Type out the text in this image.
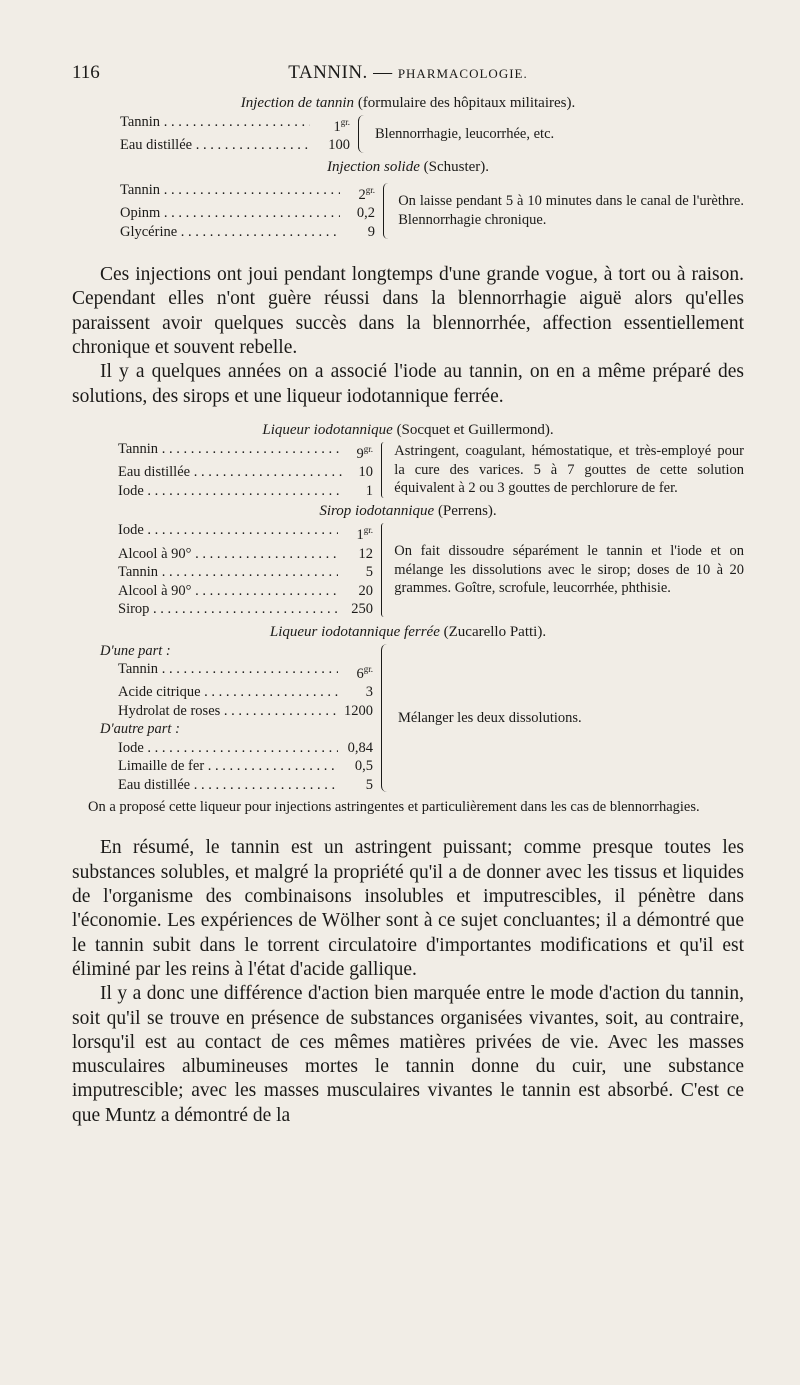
116	TANNIN. — PHARMACOLOGIE.
Injection de tannin (formulaire des hôpitaux militaires).
Tannin . . .	$1^{gr.}$
Eau distillée . . .	100
Blennorrhagie, leucorrhée, etc.
Injection solide (Schuster).
Tannin . . .	$2^{gr.}$
Opinm . . .	0,2
Glycérine . . .	9
On laisse pendant 5 à 10 minutes dans le canal de l'urèthre. Blennorrhagie chronique.

Ces injections ont joui pendant longtemps d'une grande vogue, à tort ou à raison. Cependant elles n'ont guère réussi dans la blennorrhagie aiguë alors qu'elles paraissent avoir quelques succès dans la blennorrhée, affection essentiellement chronique et souvent rebelle.

Il y a quelques années on a associé l'iode au tannin, on en a même préparé des solutions, des sirops et une liqueur iodotannique ferrée.

Liqueur iodotannique (Socquet et Guillermond).
Tannin . . .	$9^{gr.}$
Eau distillée . . .	10
Iode . . .	1
Astringent, coagulant, hémostatique, et très-employé pour la cure des varices. 5 à 7 gouttes de cette solution équivalent à 2 ou 3 gouttes de perchlorure de fer.
Sirop iodotannique (Perrens).
Iode . . .	$1^{gr.}$
Alcool à 90° . . .	12
Tannin . . .	5
Alcool à 90° . . .	20
Sirop . . .	250
On fait dissoudre séparément le tannin et l'iode et on mélange les dissolutions avec le sirop; doses de 10 à 20 grammes. Goître, scrofule, leucorrhée, phthisie.
Liqueur iodotannique ferrée (Zucarello Patti).
D'une part :
Tannin . . .	$6^{gr.}$
Acide citrique . . .	3
Hydrolat de roses . . .	1200
D'autre part :
Iode . . .	0,84
Limaille de fer . . .	0,5
Eau distillée . . .	5
Mélanger les deux dissolutions.

On a proposé cette liqueur pour injections astringentes et particulièrement dans les cas de blennorrhagies.

En résumé, le tannin est un astringent puissant; comme presque toutes les substances solubles, et malgré la propriété qu'il a de donner avec les tissus et liquides de l'organisme des combinaisons insolubles et imputrescibles, il pénètre dans l'économie. Les expériences de Wölher sont à ce sujet concluantes; il a démontré que le tannin subit dans le torrent circulatoire d'importantes modifications et qu'il est éliminé par les reins à l'état d'acide gallique.

Il y a donc une différence d'action bien marquée entre le mode d'action du tannin, soit qu'il se trouve en présence de substances organisées vivantes, soit, au contraire, lorsqu'il est au contact de ces mêmes matières privées de vie. Avec les masses musculaires albumineuses mortes le tannin donne du cuir, une substance imputrescible; avec les masses musculaires vivantes le tannin est absorbé. C'est ce que Muntz a démontré de la
